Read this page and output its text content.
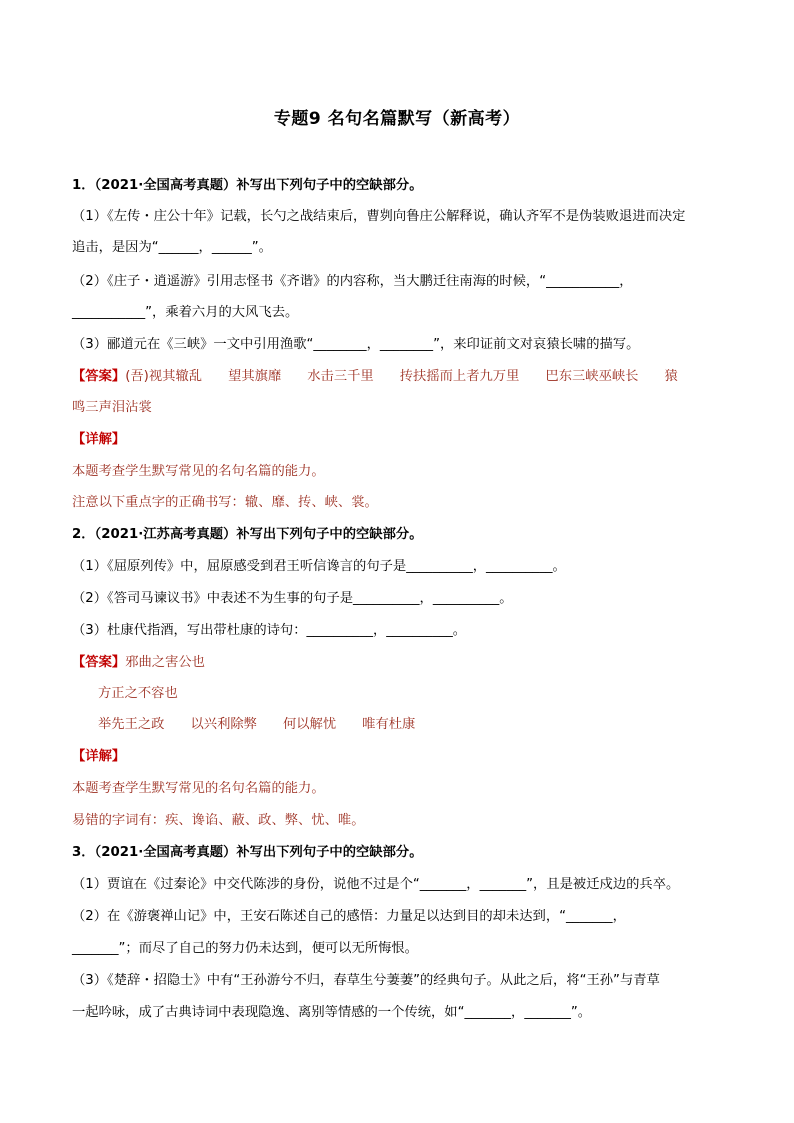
专题9 名句名篇默写（新高考）
1．（2021·全国高考真题）补写出下列句子中的空缺部分。
（1）《左传・庄公十年》记载，长勺之战结束后，曹刿向鲁庄公解释说，确认齐军不是伪装败退进而决定
追击，是因为“______，______”。
（2）《庄子・逍遥游》引用志怪书《齐谐》的内容称，当大鹏迁往南海的时候，“___________，
___________”，乘着六月的大风飞去。
（3）郦道元在《三峡》一文中引用渔歌“________，________”，来印证前文对哀猿长啸的描写。
【答案】(吾)视其辙乱 望其旗靡 水击三千里 抟扶摇而上者九万里 巴东三峡巫峡长 猿
鸣三声泪沾裳
【详解】
本题考查学生默写常见的名句名篇的能力。
注意以下重点字的正确书写：辙、靡、抟、峡、裳。
2．（2021·江苏高考真题）补写出下列句子中的空缺部分。
（1）《屈原列传》中，屈原感受到君王听信谗言的句子是__________，__________。
（2）《答司马谏议书》中表述不为生事的句子是__________，__________。
（3）杜康代指酒，写出带杜康的诗句：__________，__________。
【答案】邪曲之害公也
方正之不容也
举先王之政 以兴利除弊 何以解忧 唯有杜康
【详解】
本题考查学生默写常见的名句名篇的能力。
易错的字词有：疾、谗谄、蔽、政、弊、忧、唯。
3．（2021·全国高考真题）补写出下列句子中的空缺部分。
（1）贾谊在《过秦论》中交代陈涉的身份，说他不过是个“_______，_______”，且是被迁戍边的兵卒。
（2）在《游褒禅山记》中，王安石陈述自己的感悟：力量足以达到目的却未达到，“_______，
_______”；而尽了自己的努力仍未达到，便可以无所悔恨。
（3）《楚辞・招隐士》中有“王孙游兮不归，春草生兮萋萋”的经典句子。从此之后，将“王孙”与青草
一起吟咏，成了古典诗词中表现隐逸、离别等情感的一个传统，如“_______，_______”。
